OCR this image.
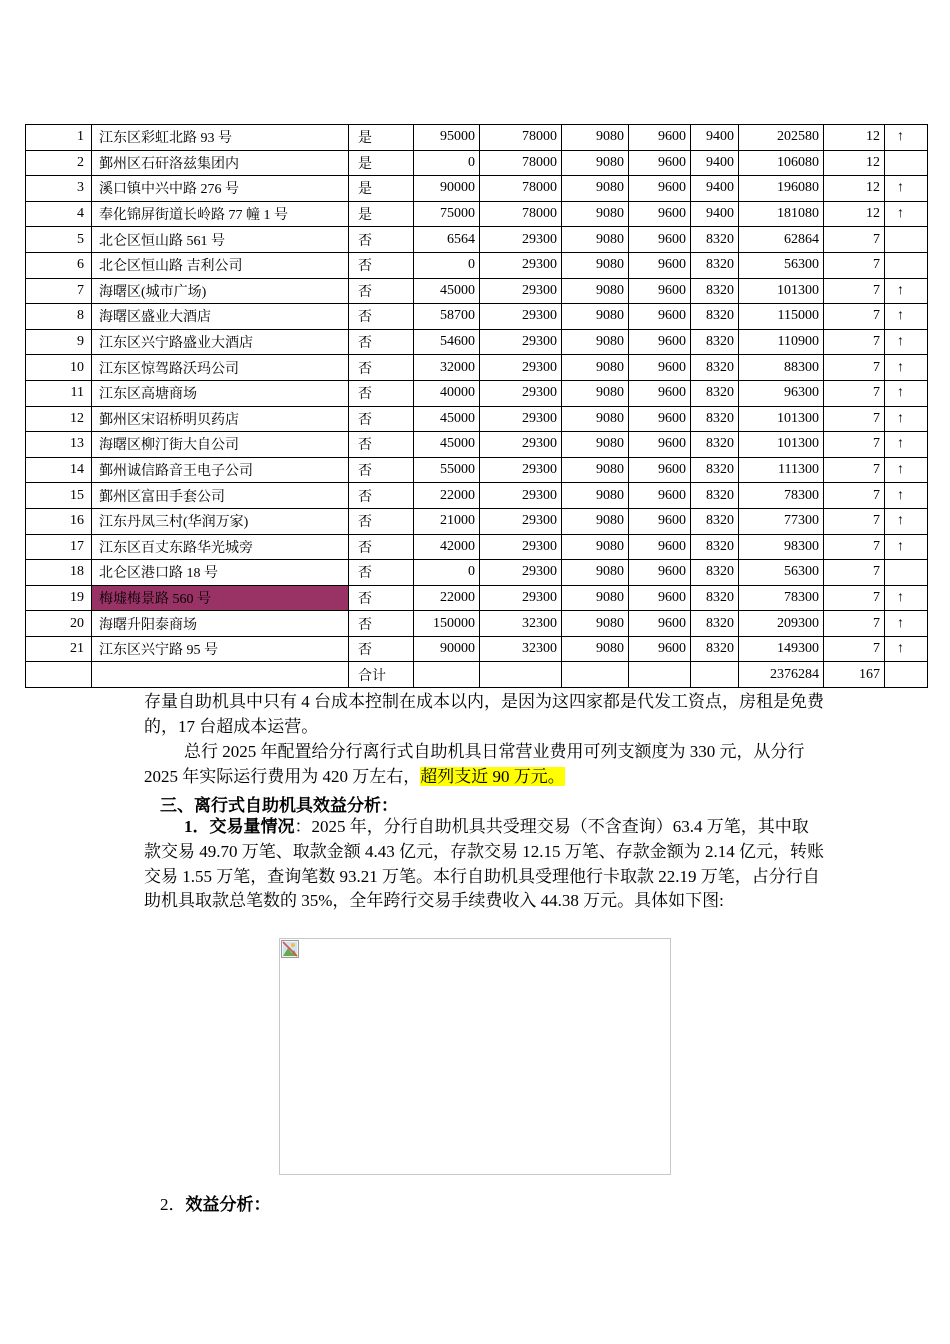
1	江东区彩虹北路 93 号	是	95000	78000	9080	9600	9400	202580	12	↑
2	鄞州区石矸洛兹集团内	是	0	78000	9080	9600	9400	106080	12	
3	溪口镇中兴中路 276 号	是	90000	78000	9080	9600	9400	196080	12	↑
4	奉化锦屏街道长岭路 77 幢 1 号	是	75000	78000	9080	9600	9400	181080	12	↑
5	北仑区恒山路 561 号	否	6564	29300	9080	9600	8320	62864	7	
6	北仑区恒山路 吉利公司	否	0	29300	9080	9600	8320	56300	7	
7	海曙区(城市广场)	否	45000	29300	9080	9600	8320	101300	7	↑
8	海曙区盛业大酒店	否	58700	29300	9080	9600	8320	115000	7	↑
9	江东区兴宁路盛业大酒店	否	54600	29300	9080	9600	8320	110900	7	↑
10	江东区惊驾路沃玛公司	否	32000	29300	9080	9600	8320	88300	7	↑
11	江东区高塘商场	否	40000	29300	9080	9600	8320	96300	7	↑
12	鄞州区宋诏桥明贝药店	否	45000	29300	9080	9600	8320	101300	7	↑
13	海曙区柳汀街大自公司	否	45000	29300	9080	9600	8320	101300	7	↑
14	鄞州诚信路音王电子公司	否	55000	29300	9080	9600	8320	111300	7	↑
15	鄞州区富田手套公司	否	22000	29300	9080	9600	8320	78300	7	↑
16	江东丹凤三村(华润万家)	否	21000	29300	9080	9600	8320	77300	7	↑
17	江东区百丈东路华光城旁	否	42000	29300	9080	9600	8320	98300	7	↑
18	北仑区港口路 18 号	否	0	29300	9080	9600	8320	56300	7	
19	梅墟梅景路 560 号	否	22000	29300	9080	9600	8320	78300	7	↑
20	海曙升阳泰商场	否	150000	32300	9080	9600	8320	209300	7	↑
21	江东区兴宁路 95 号	否	90000	32300	9080	9600	8320	149300	7	↑
		合计						2376284	167	

存量自助机具中只有 4 台成本控制在成本以内，是因为这四家都是代发工资点，房租是免费的，17 台超成本运营。

总行 2025 年配置给分行离行式自助机具日常营业费用可列支额度为 330 元，从分行 2025 年实际运行费用为 420 万左右，超列支近 90 万元。

三、离行式自助机具效益分析：

1．交易量情况：2025 年，分行自助机具共受理交易（不含查询）63.4 万笔，其中取款交易 49.70 万笔、取款金额 4.43 亿元，存款交易 12.15 万笔、存款金额为 2.14 亿元，转账交易 1.55 万笔，查询笔数 93.21 万笔。本行自助机具受理他行卡取款 22.19 万笔，占分行自助机具取款总笔数的 35%，全年跨行交易手续费收入 44.38 万元。具体如下图:

2．效益分析：
